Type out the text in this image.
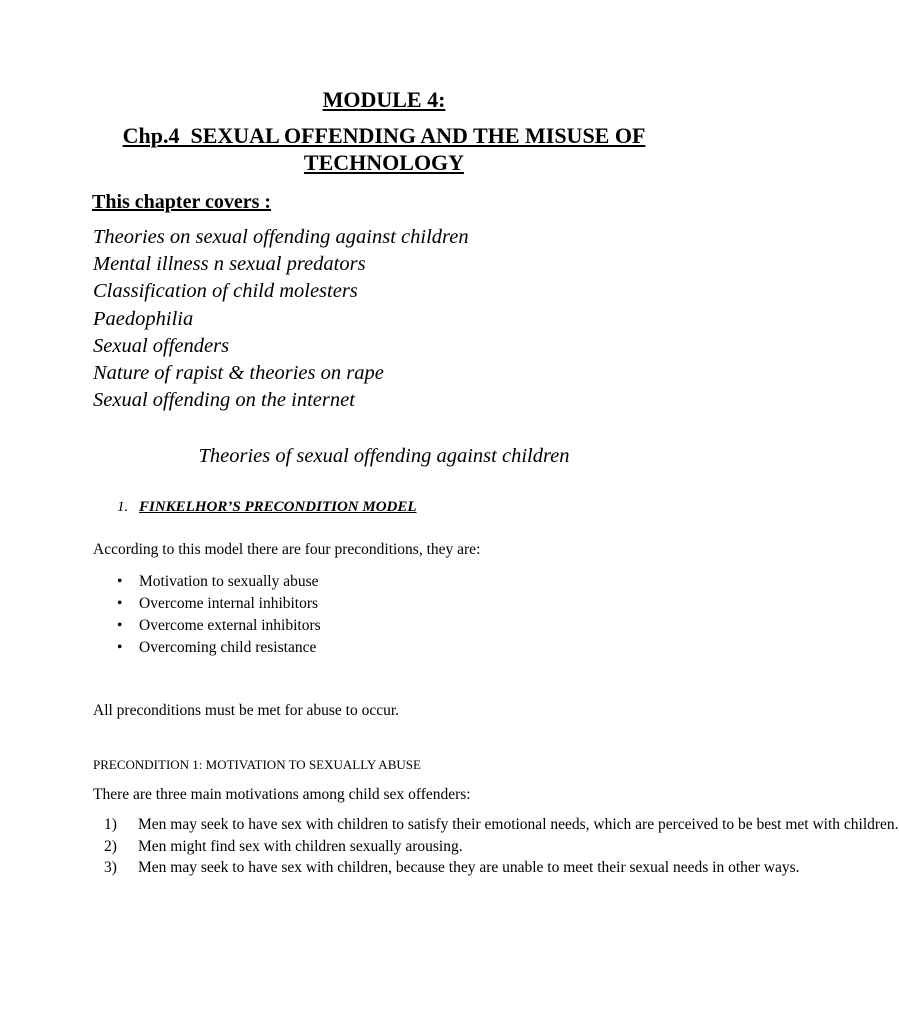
MODULE 4:
Chp.4  SEXUAL OFFENDING AND THE MISUSE OF
TECHNOLOGY
This chapter covers :
Theories on sexual offending against children
Mental illness n sexual predators
Classification of child molesters
Paedophilia
Sexual offenders
Nature of rapist & theories on rape
Sexual offending on the internet
Theories of sexual offending against children
1. FINKELHOR’S PRECONDITION MODEL
According to this model there are four preconditions, they are:
• Motivation to sexually abuse
• Overcome internal inhibitors
• Overcome external inhibitors
• Overcoming child resistance
All preconditions must be met for abuse to occur.
PRECONDITION 1: MOTIVATION TO SEXUALLY ABUSE
There are three main motivations among child sex offenders:
1) Men may seek to have sex with children to satisfy their emotional needs, which are perceived to be best met with children.
2) Men might find sex with children sexually arousing.
3) Men may seek to have sex with children, because they are unable to meet their sexual needs in other ways.
